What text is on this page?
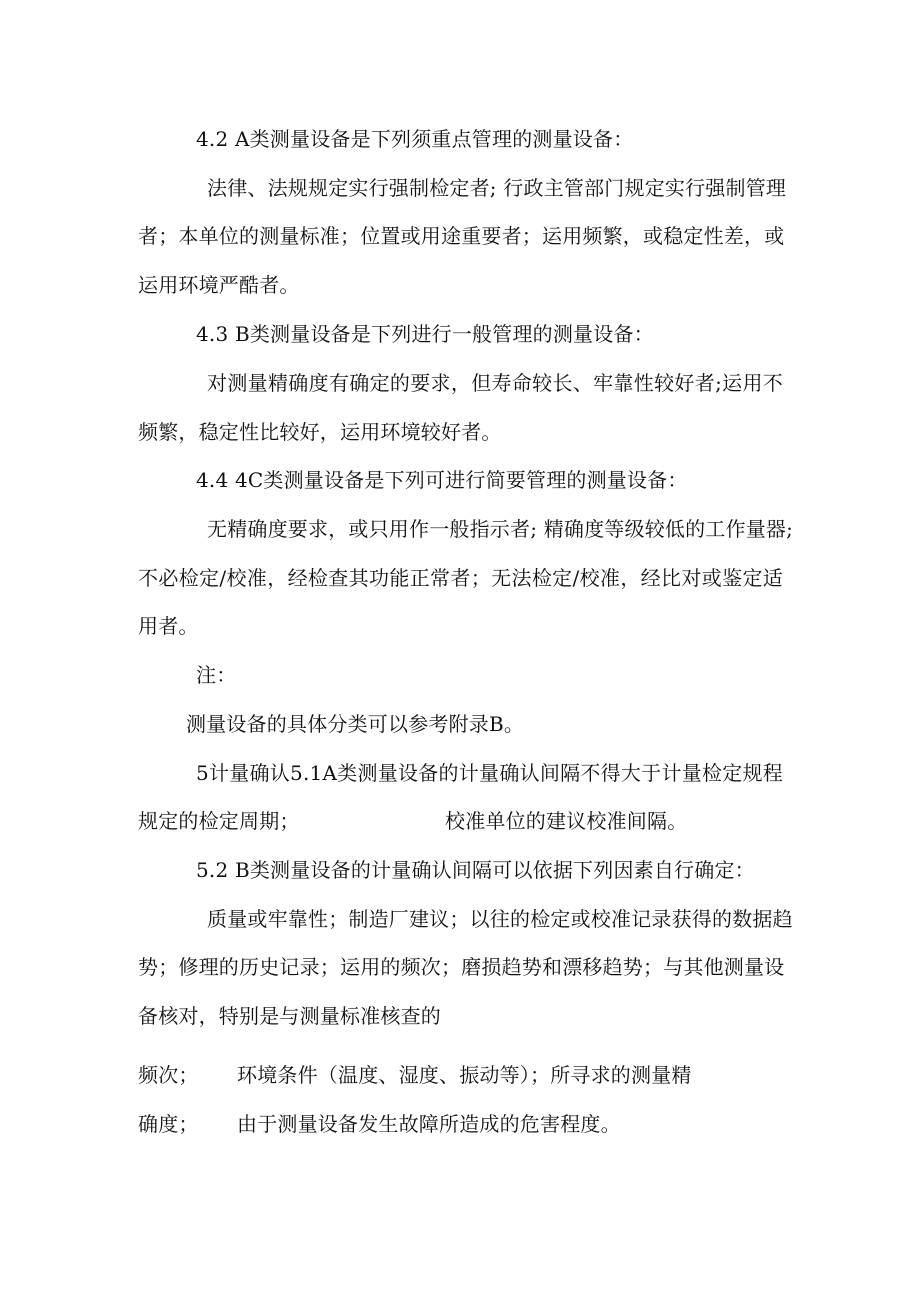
4.2 A类测量设备是下列须重点管理的测量设备：
法律、法规规定实行强制检定者; 行政主管部门规定实行强制管理
者；本单位的测量标准；位置或用途重要者；运用频繁，或稳定性差，或
运用环境严酷者。
4.3 B类测量设备是下列进行一般管理的测量设备：
对测量精确度有确定的要求，但寿命较长、牢靠性较好者;运用不
频繁，稳定性比较好，运用环境较好者。
4.4 4C类测量设备是下列可进行简要管理的测量设备：
无精确度要求，或只用作一般指示者; 精确度等级较低的工作量器;
不必检定/校准，经检查其功能正常者；无法检定/校准，经比对或鉴定适
用者。
注：
测量设备的具体分类可以参考附录B。
5计量确认5.1A类测量设备的计量确认间隔不得大于计量检定规程
规定的检定周期；	校准单位的建议校准间隔。
5.2 B类测量设备的计量确认间隔可以依据下列因素自行确定：
质量或牢靠性；制造厂建议；以往的检定或校准记录获得的数据趋
势；修理的历史记录；运用的频次；磨损趋势和漂移趋势；与其他测量设
备核对，特别是与测量标准核查的
频次； 环境条件（温度、湿度、振动等）；所寻求的测量精
确度； 由于测量设备发生故障所造成的危害程度。
